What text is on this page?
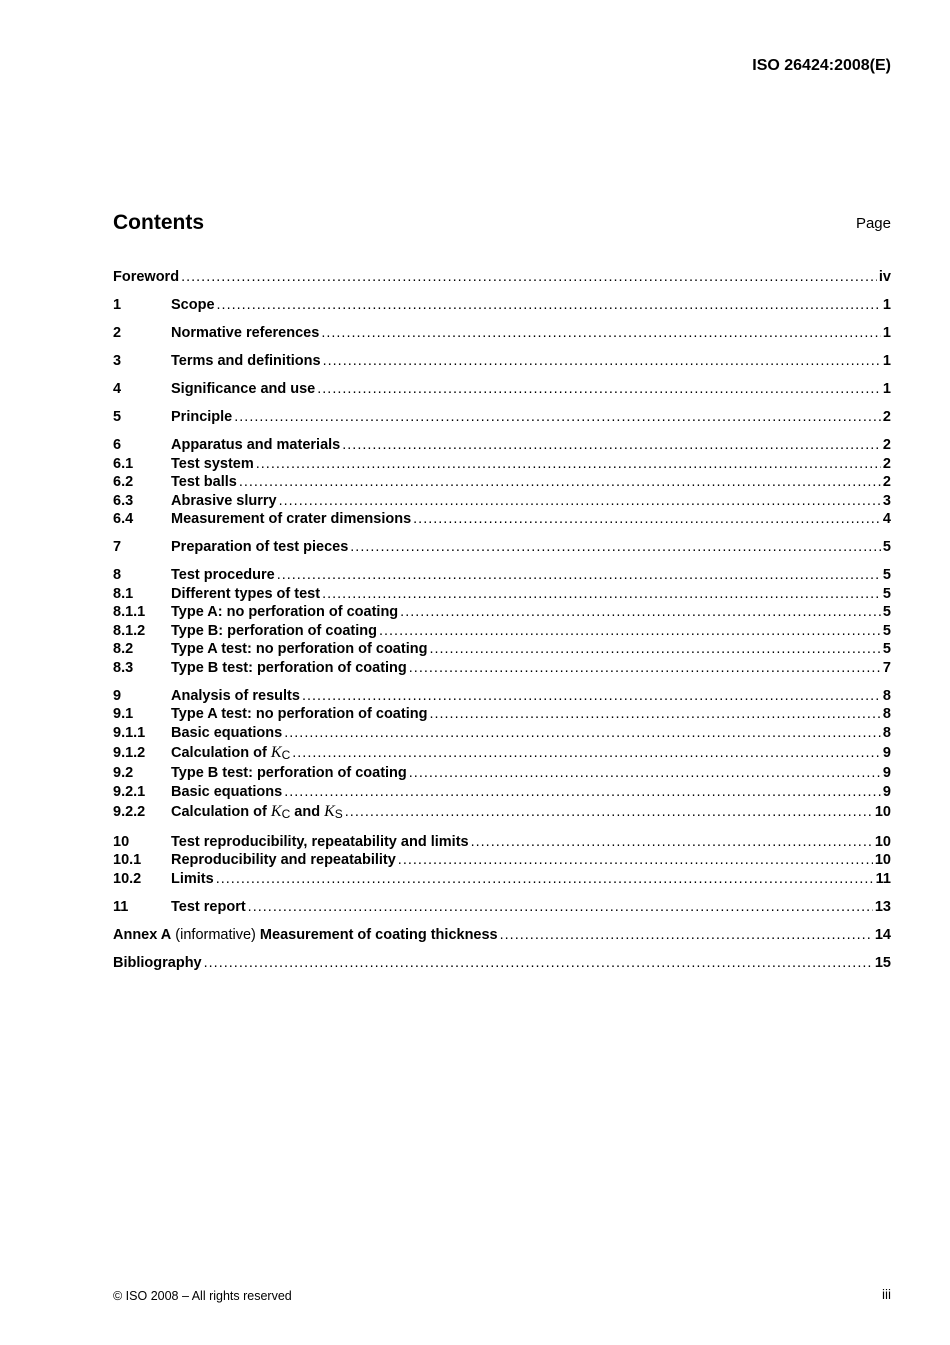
ISO 26424:2008(E)
Contents	Page
Foreword .....	iv
1	Scope .....	1
2	Normative references .....	1
3	Terms and definitions .....	1
4	Significance and use .....	1
5	Principle .....	2
6	Apparatus and materials .....	2
6.1	Test system .....	2
6.2	Test balls .....	2
6.3	Abrasive slurry .....	3
6.4	Measurement of crater dimensions .....	4
7	Preparation of test pieces .....	5
8	Test procedure .....	5
8.1	Different types of test .....	5
8.1.1 Type A: no perforation of coating .....	5
8.1.2 Type B: perforation of coating .....	5
8.2	Type A test: no perforation of coating .....	5
8.3	Type B test: perforation of coating .....	7
9	Analysis of results .....	8
9.1	Type A test: no perforation of coating .....	8
9.1.1 Basic equations .....	8
9.1.2 Calculation of $K_C$ .....	9
9.2	Type B test: perforation of coating .....	9
9.2.1 Basic equations .....	9
9.2.2 Calculation of $K_C$ and $K_S$ .....	10
10	Test reproducibility, repeatability and limits .....	10
10.1 Reproducibility and repeatability .....	10
10.2 Limits .....	11
11	Test report .....	13
Annex A (informative) Measurement of coating thickness .....	14
Bibliography .....	15
© ISO 2008 – All rights reserved	iii
